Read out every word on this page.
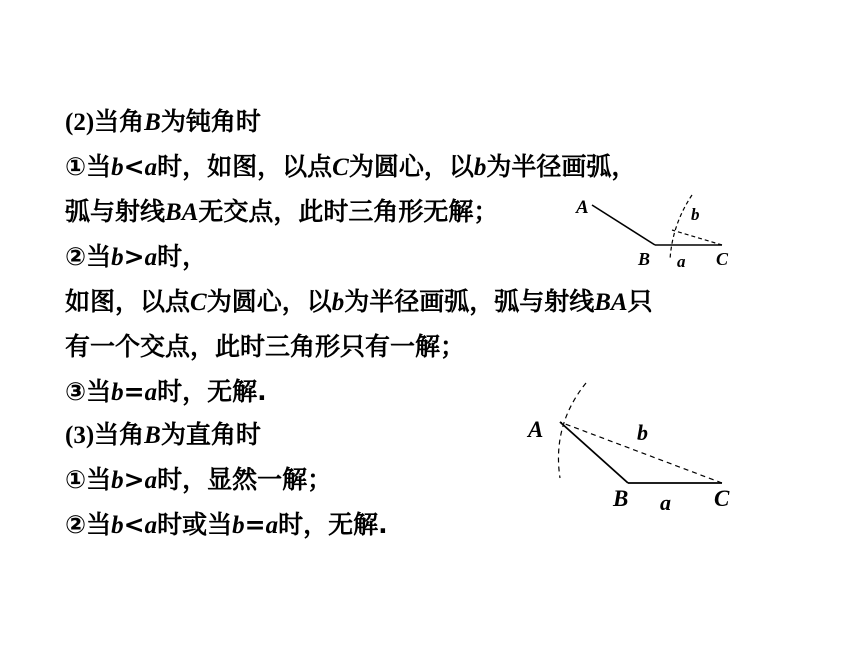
(2)当角B为钝角时
①当b<a时，如图，以点C为圆心，以b为半径画弧，
弧与射线BA无交点，此时三角形无解；
②当b>a时，
如图，以点C为圆心，以b为半径画弧，弧与射线BA只
有一个交点，此时三角形只有一解；
③当b=a时，无解.
(3)当角B为直角时
①当b>a时，显然一解；
②当b<a时或当b=a时，无解.
A	b
B a C
A	b
B a C
